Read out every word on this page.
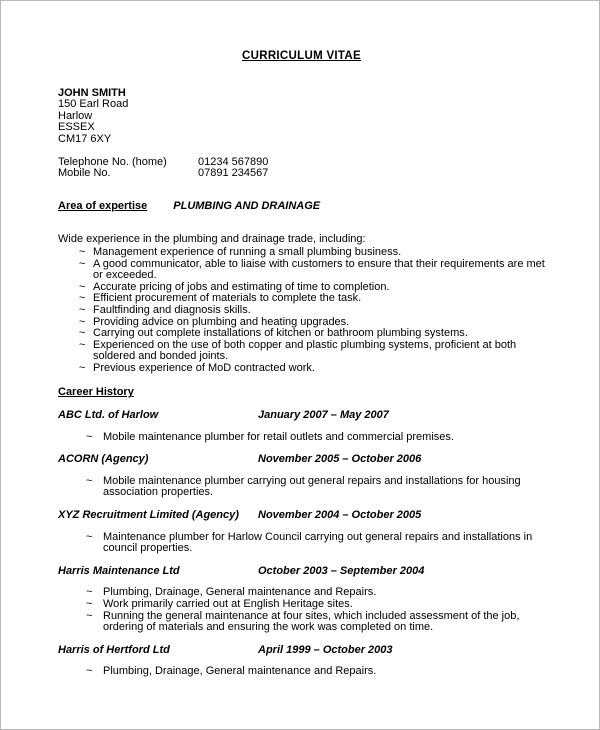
CURRICULUM VITAE
JOHN SMITH
150 Earl Road
Harlow
ESSEX
CM17 6XY
Telephone No. (home)	01234 567890
Mobile No.	07891 234567
Area of expertise PLUMBING AND DRAINAGE
Wide experience in the plumbing and drainage trade, including:
~ Management experience of running a small plumbing business.
~ A good communicator, able to liaise with customers to ensure that their requirements are met or exceeded.
~ Accurate pricing of jobs and estimating of time to completion.
~ Efficient procurement of materials to complete the task.
~ Faultfinding and diagnosis skills.
~ Providing advice on plumbing and heating upgrades.
~ Carrying out complete installations of kitchen or bathroom plumbing systems.
~ Experienced on the use of both copper and plastic plumbing systems, proficient at both soldered and bonded joints.
~ Previous experience of MoD contracted work.
Career History
ABC Ltd. of Harlow	January 2007 – May 2007
~ Mobile maintenance plumber for retail outlets and commercial premises.
ACORN (Agency)	November 2005 – October 2006
~ Mobile maintenance plumber carrying out general repairs and installations for housing association properties.
XYZ Recruitment Limited (Agency)	November 2004 – October 2005
~ Maintenance plumber for Harlow Council carrying out general repairs and installations in council properties.
Harris Maintenance Ltd	October 2003 – September 2004
~ Plumbing, Drainage, General maintenance and Repairs.
~ Work primarily carried out at English Heritage sites.
~ Running the general maintenance at four sites, which included assessment of the job, ordering of materials and ensuring the work was completed on time.
Harris of Hertford Ltd	April 1999 – October 2003
~ Plumbing, Drainage, General maintenance and Repairs.
